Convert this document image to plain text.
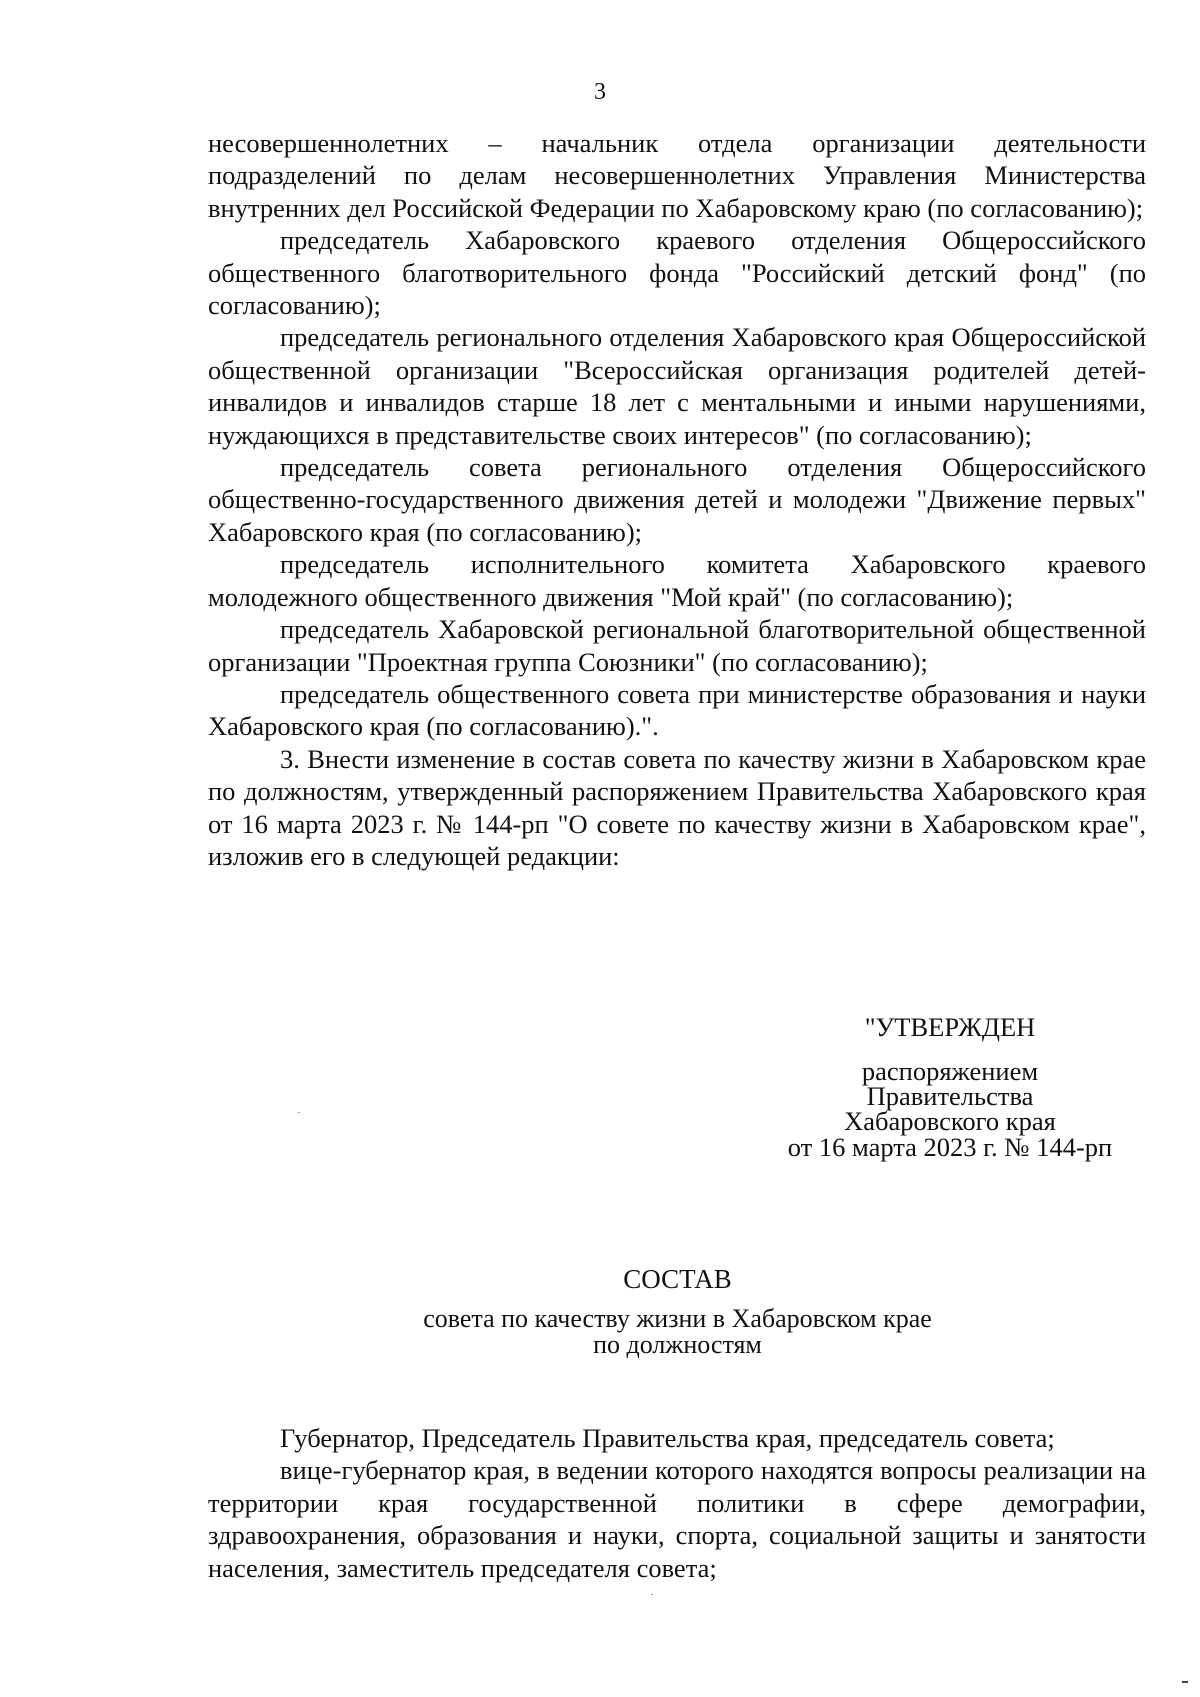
3

несовершеннолетних – начальник отдела организации деятельности подразделений по делам несовершеннолетних Управления Министерства внутренних дел Российской Федерации по Хабаровскому краю (по согласованию);

председатель Хабаровского краевого отделения Общероссийского общественного благотворительного фонда "Российский детский фонд" (по согласованию);

председатель регионального отделения Хабаровского края Общероссийской общественной организации "Всероссийская организация родителей детей-инвалидов и инвалидов старше 18 лет с ментальными и иными нарушениями, нуждающихся в представительстве своих интересов" (по согласованию);

председатель совета регионального отделения Общероссийского общественно-государственного движения детей и молодежи "Движение первых" Хабаровского края (по согласованию);

председатель исполнительного комитета Хабаровского краевого молодежного общественного движения "Мой край" (по согласованию);

председатель Хабаровской региональной благотворительной общественной организации "Проектная группа Союзники" (по согласованию);

председатель общественного совета при министерстве образования и науки Хабаровского края (по согласованию).".

3. Внести изменение в состав совета по качеству жизни в Хабаровском крае по должностям, утвержденный распоряжением Правительства Хабаровского края от 16 марта 2023 г. № 144-рп "О совете по качеству жизни в Хабаровском крае", изложив его в следующей редакции:

"УТВЕРЖДЕН
распоряжением
Правительства
Хабаровского края
от 16 марта 2023 г. № 144-рп
СОСТАВ
совета по качеству жизни в Хабаровском крае
по должностям

Губернатор, Председатель Правительства края, председатель совета;

вице-губернатор края, в ведении которого находятся вопросы реализации на территории края государственной политики в сфере демографии, здравоохранения, образования и науки, спорта, социальной защиты и занятости населения, заместитель председателя совета;
